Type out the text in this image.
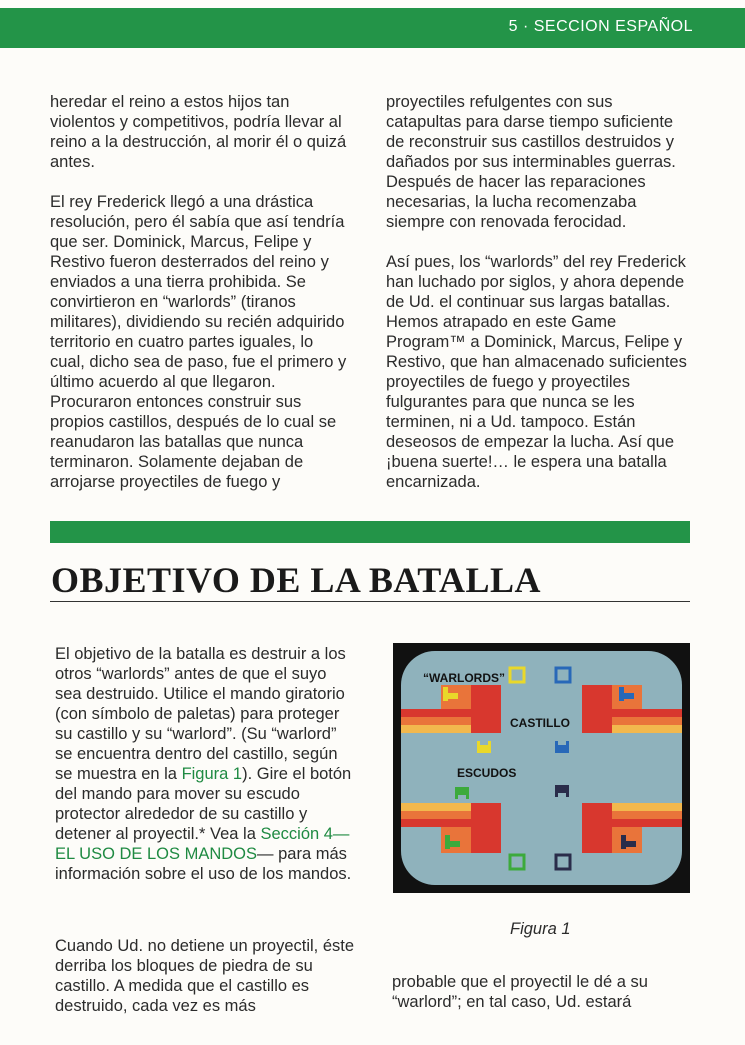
5 · SECCION ESPAÑOL

heredar el reino a estos hijos tan violentos y competitivos, podría llevar al reino a la destrucción, al morir él o quizá antes.

El rey Frederick llegó a una drástica resolución, pero él sabía que así tendría que ser. Dominick, Marcus, Felipe y Restivo fueron desterrados del reino y enviados a una tierra prohibida. Se convirtieron en “warlords” (tiranos militares), dividiendo su recién adquirido territorio en cuatro partes iguales, lo cual, dicho sea de paso, fue el primero y último acuerdo al que llegaron. Procuraron entonces construir sus propios castillos, después de lo cual se reanudaron las batallas que nunca terminaron. Solamente dejaban de arrojarse proyectiles de fuego y

proyectiles refulgentes con sus catapultas para darse tiempo suficiente de reconstruir sus castillos destruidos y dañados por sus interminables guerras. Después de hacer las reparaciones necesarias, la lucha recomenzaba siempre con renovada ferocidad.

Así pues, los “warlords” del rey Frederick han luchado por siglos, y ahora depende de Ud. el continuar sus largas batallas. Hemos atrapado en este Game Program™ a Dominick, Marcus, Felipe y Restivo, que han almacenado suficientes proyectiles de fuego y proyectiles fulgurantes para que nunca se les terminen, ni a Ud. tampoco. Están deseosos de empezar la lucha. Así que ¡buena suerte!… le espera una batalla encarnizada.

OBJETIVO DE LA BATALLA

El objetivo de la batalla es destruir a los otros “warlords” antes de que el suyo sea destruido. Utilice el mando giratorio (con símbolo de paletas) para proteger su castillo y su “warlord”. (Su “warlord” se encuentra dentro del castillo, según se muestra en la Figura 1). Gire el botón del mando para mover su escudo protector alrededor de su castillo y detener al proyectil.* Vea la Sección 4—EL USO DE LOS MANDOS— para más información sobre el uso de los mandos.

Cuando Ud. no detiene un proyectil, éste derriba los bloques de piedra de su castillo. A medida que el castillo es destruido, cada vez es más

probable que el proyectil le dé a su “warlord”; en tal caso, Ud. estará

“WARLORDS”
CASTILLO
ESCUDOS
Figura 1
